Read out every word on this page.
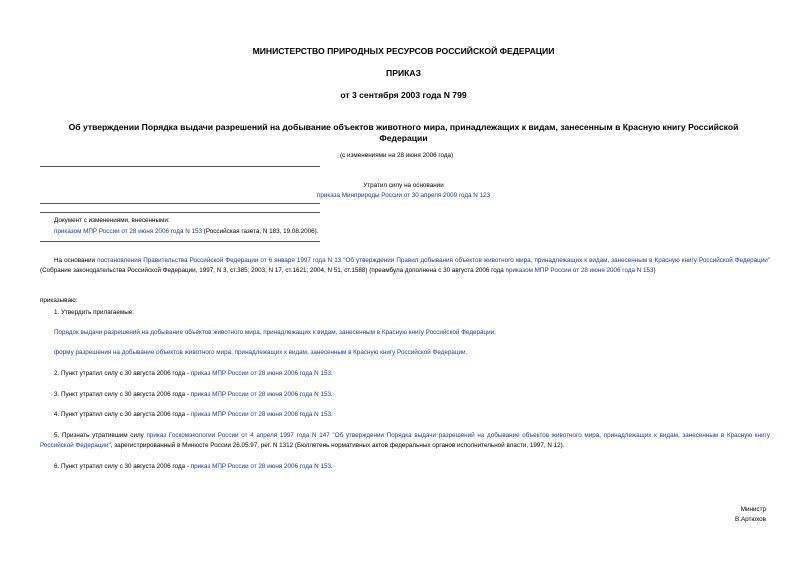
МИНИСТЕРСТВО ПРИРОДНЫХ РЕСУРСОВ РОССИЙСКОЙ ФЕДЕРАЦИИ
ПРИКАЗ
от 3 сентября 2003 года N 799
Об утверждении Порядка выдачи разрешений на добывание объектов животного мира, принадлежащих к видам, занесенным в Красную книгу Российской
Федерации
(с изменениями на 28 июня 2006 года)
Утратил силу на основании
приказа Минприроды России от 30 апреля 2009 года N 123
Документ с изменениями, внесенными:
приказом МПР России от 28 июня 2006 года N 153 (Российская газета, N 183, 19.08.2006).
На основании постановления Правительства Российской Федерации от 6 января 1997 года N 13 "Об утверждении Правил добывания объектов животного мира, принадлежащих к видам, занесенным в Красную книгу Российской Федерации" (Собрание законодательства Российской Федерации, 1997, N 3, ст.385; 2003, N 17, ст.1621; 2004, N 51, ст.1588) (преамбула дополнена с 30 августа 2006 года приказом МПР России от 28 июня 2006 года N 153)
приказываю:
1. Утвердить прилагаемые:
Порядок выдачи разрешений на добывание объектов животного мира, принадлежащих к видам, занесенным в Красную книгу Российской Федерации;
форму разрешения на добывание объектов животного мира, принадлежащих к видам, занесенным в Красную книгу Российской Федерации.
2. Пункт утратил силу с 30 августа 2006 года - приказ МПР России от 28 июня 2006 года N 153.
3. Пункт утратил силу с 30 августа 2006 года - приказ МПР России от 28 июня 2006 года N 153.
4. Пункт утратил силу с 30 августа 2006 года - приказ МПР России от 28 июня 2006 года N 153.
5. Признать утратившим силу приказ Госкомэкологии России от 4 апреля 1997 года N 147 "Об утверждении Порядка выдачи разрешений на добывание объектов животного мира, принадлежащих к видам, занесенным в Красную книгу Российской Федерации", зарегистрированный в Минюсте России 26.05.97, рег. N 1312 (Бюллетень нормативных актов федеральных органов исполнительной власти, 1997, N 12).
6. Пункт утратил силу с 30 августа 2006 года - приказ МПР России от 28 июня 2006 года N 153.
Министр
В.Артюхов
